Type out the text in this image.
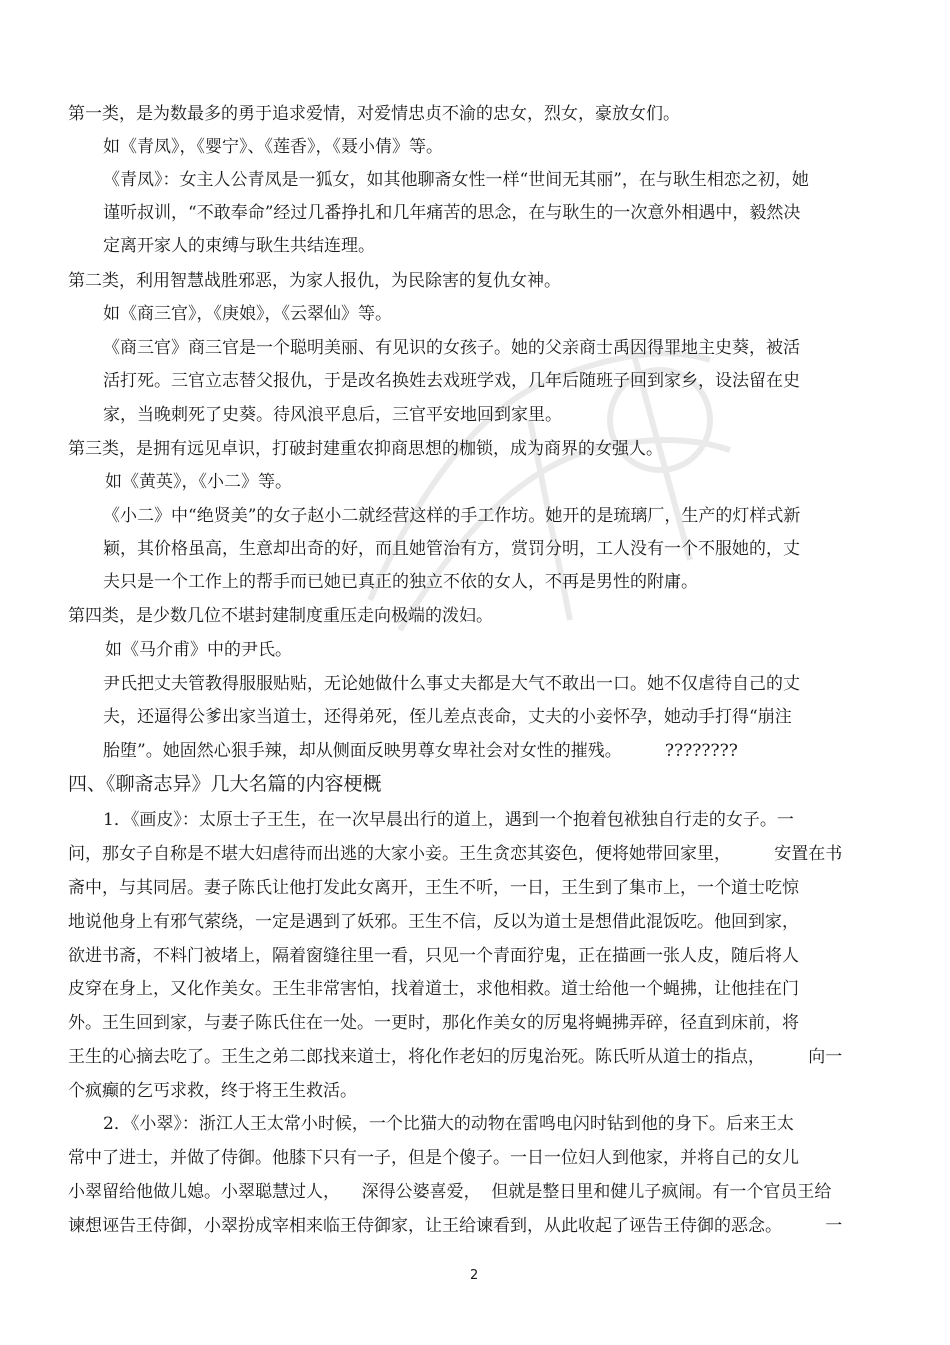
第一类，是为数最多的勇于追求爱情，对爱情忠贞不渝的忠女，烈女，豪放女们。
如《青凤》，《婴宁》、《莲香》，《聂小倩》等。
《青凤》：女主人公青凤是一狐女，如其他聊斋女性一样“世间无其丽”，在与耿生相恋之初，她
谨听叔训，“不敢奉命”经过几番挣扎和几年痛苦的思念，在与耿生的一次意外相遇中，毅然决
定离开家人的束缚与耿生共结连理。
第二类，利用智慧战胜邪恶，为家人报仇，为民除害的复仇女神。
如《商三官》，《庚娘》，《云翠仙》等。
《商三官》商三官是一个聪明美丽、有见识的女孩子。她的父亲商士禹因得罪地主史葵，被活
活打死。三官立志替父报仇，于是改名换姓去戏班学戏，几年后随班子回到家乡，设法留在史
家，当晚刺死了史葵。待风浪平息后，三官平安地回到家里。
第三类，是拥有远见卓识，打破封建重农抑商思想的枷锁，成为商界的女强人。
如《黄英》，《小二》等。
《小二》中“绝贤美”的女子赵小二就经营这样的手工作坊。她开的是琉璃厂，生产的灯样式新
颖，其价格虽高，生意却出奇的好，而且她管治有方，赏罚分明，工人没有一个不服她的，丈
夫只是一个工作上的帮手而已她已真正的独立不依的女人，不再是男性的附庸。
第四类，是少数几位不堪封建制度重压走向极端的泼妇。
如《马介甫》中的尹氏。
尹氏把丈夫管教得服服贴贴，无论她做什么事丈夫都是大气不敢出一口。她不仅虐待自己的丈
夫，还逼得公爹出家当道士，还得弟死，侄儿差点丧命，丈夫的小妾怀孕，她动手打得“崩注
胎堕”。她固然心狠手辣，却从侧面反映男尊女卑社会对女性的摧残。        ????????
四、《聊斋志异》几大名篇的内容梗概
1．《画皮》：太原士子王生，在一次早晨出行的道上，遇到一个抱着包袱独自行走的女子。一
问，那女子自称是不堪大妇虐待而出逃的大家小妾。王生贪恋其姿色，便将她带回家里，        安置在书
斋中，与其同居。妻子陈氏让他打发此女离开，王生不听，一日，王生到了集市上，一个道士吃惊
地说他身上有邪气萦绕，一定是遇到了妖邪。王生不信，反以为道士是想借此混饭吃。他回到家，
欲进书斋，不料门被堵上，隔着窗缝往里一看，只见一个青面狞鬼，正在描画一张人皮，随后将人
皮穿在身上，又化作美女。王生非常害怕，找着道士，求他相救。道士给他一个蝇拂，让他挂在门
外。王生回到家，与妻子陈氏住在一处。一更时，那化作美女的厉鬼将蝇拂弄碎，径直到床前，将
王生的心摘去吃了。王生之弟二郎找来道士，将化作老妇的厉鬼治死。陈氏听从道士的指点，        向一
个疯癫的乞丐求救，终于将王生救活。
2．《小翠》：浙江人王太常小时候，一个比猫大的动物在雷鸣电闪时钻到他的身下。后来王太
常中了进士，并做了侍御。他膝下只有一子，但是个傻子。一日一位妇人到他家，并将自己的女儿
小翠留给他做儿媳。小翠聪慧过人，    深得公婆喜爱，  但就是整日里和健儿子疯闹。有一个官员王给
谏想诬告王侍御，小翠扮成宰相来临王侍御家，让王给谏看到，从此收起了诬告王侍御的恶念。        一
2
